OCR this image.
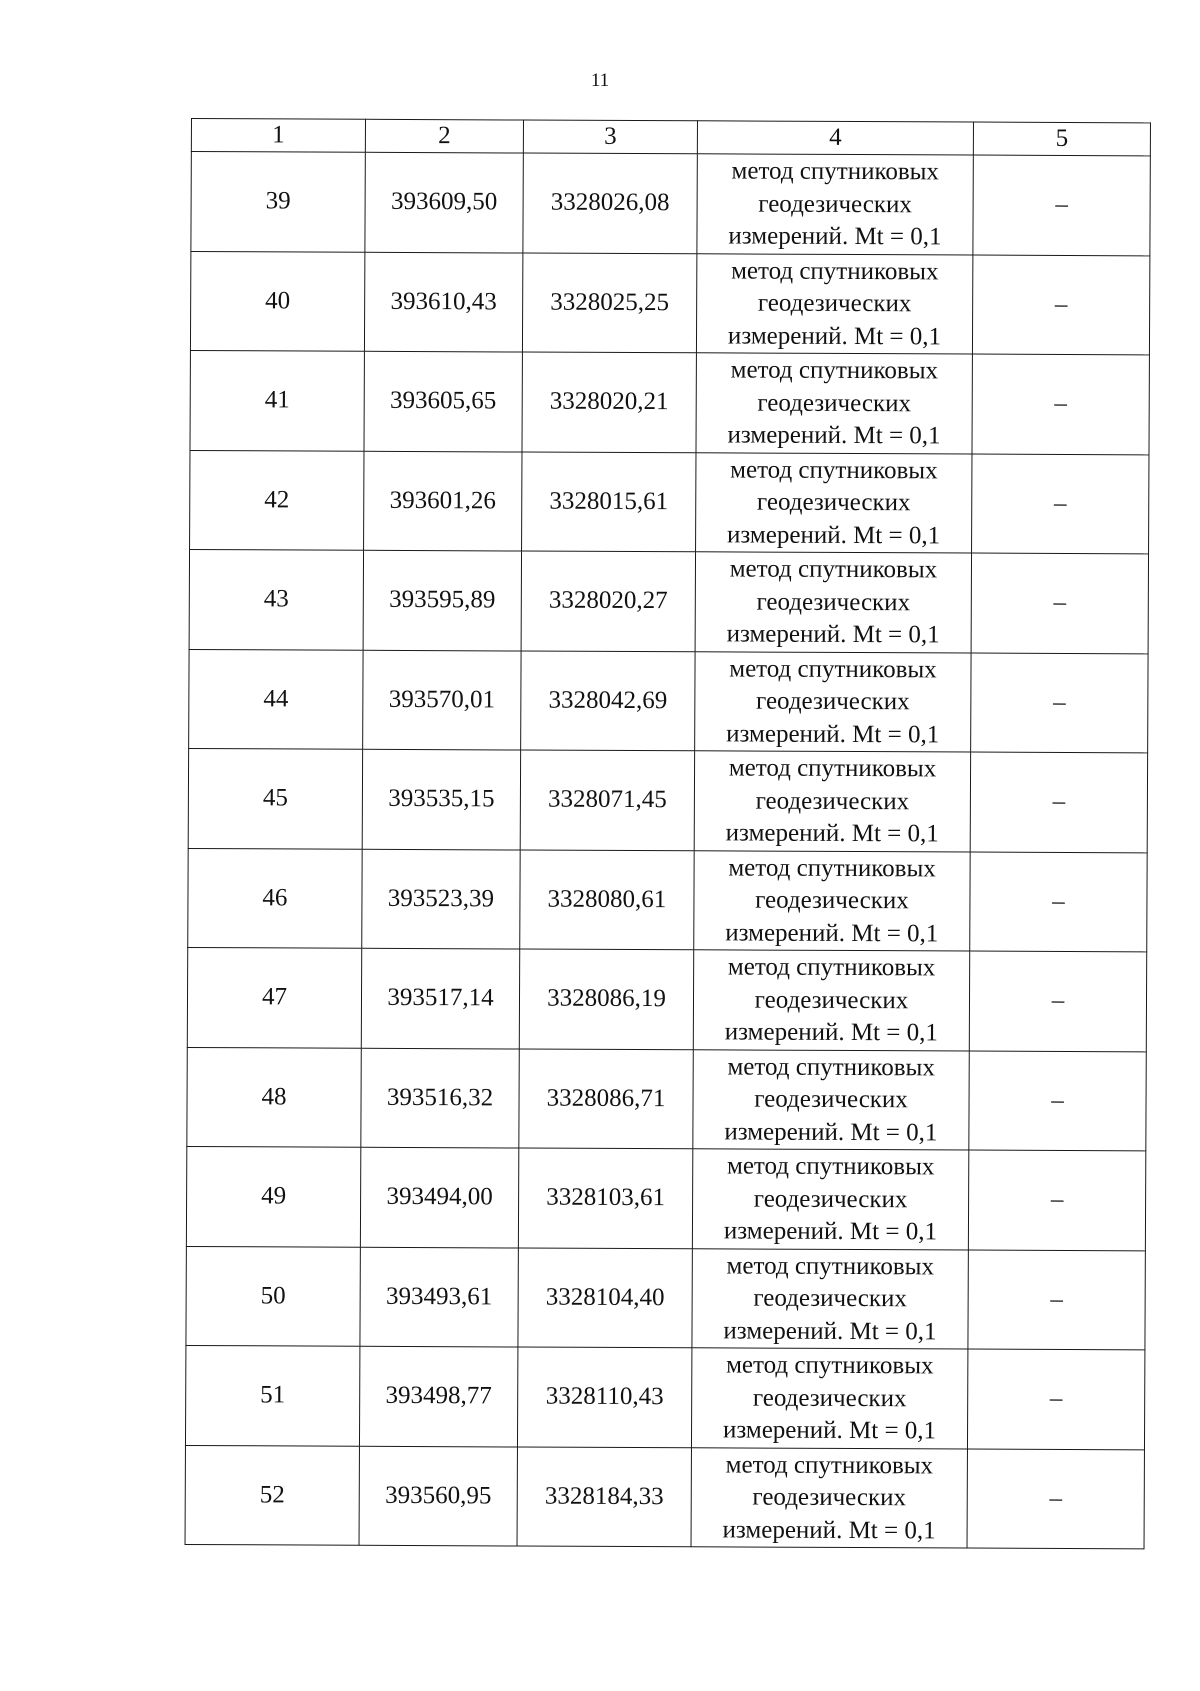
11
1	2	3	4	5
39	393609,50	3328026,08	метод спутниковых
геодезических
измерений. Mt = 0,1	–
40	393610,43	3328025,25	метод спутниковых
геодезических
измерений. Mt = 0,1	–
41	393605,65	3328020,21	метод спутниковых
геодезических
измерений. Mt = 0,1	–
42	393601,26	3328015,61	метод спутниковых
геодезических
измерений. Mt = 0,1	–
43	393595,89	3328020,27	метод спутниковых
геодезических
измерений. Mt = 0,1	–
44	393570,01	3328042,69	метод спутниковых
геодезических
измерений. Mt = 0,1	–
45	393535,15	3328071,45	метод спутниковых
геодезических
измерений. Mt = 0,1	–
46	393523,39	3328080,61	метод спутниковых
геодезических
измерений. Mt = 0,1	–
47	393517,14	3328086,19	метод спутниковых
геодезических
измерений. Mt = 0,1	–
48	393516,32	3328086,71	метод спутниковых
геодезических
измерений. Mt = 0,1	–
49	393494,00	3328103,61	метод спутниковых
геодезических
измерений. Mt = 0,1	–
50	393493,61	3328104,40	метод спутниковых
геодезических
измерений. Mt = 0,1	–
51	393498,77	3328110,43	метод спутниковых
геодезических
измерений. Mt = 0,1	–
52	393560,95	3328184,33	метод спутниковых
геодезических
измерений. Mt = 0,1	–
